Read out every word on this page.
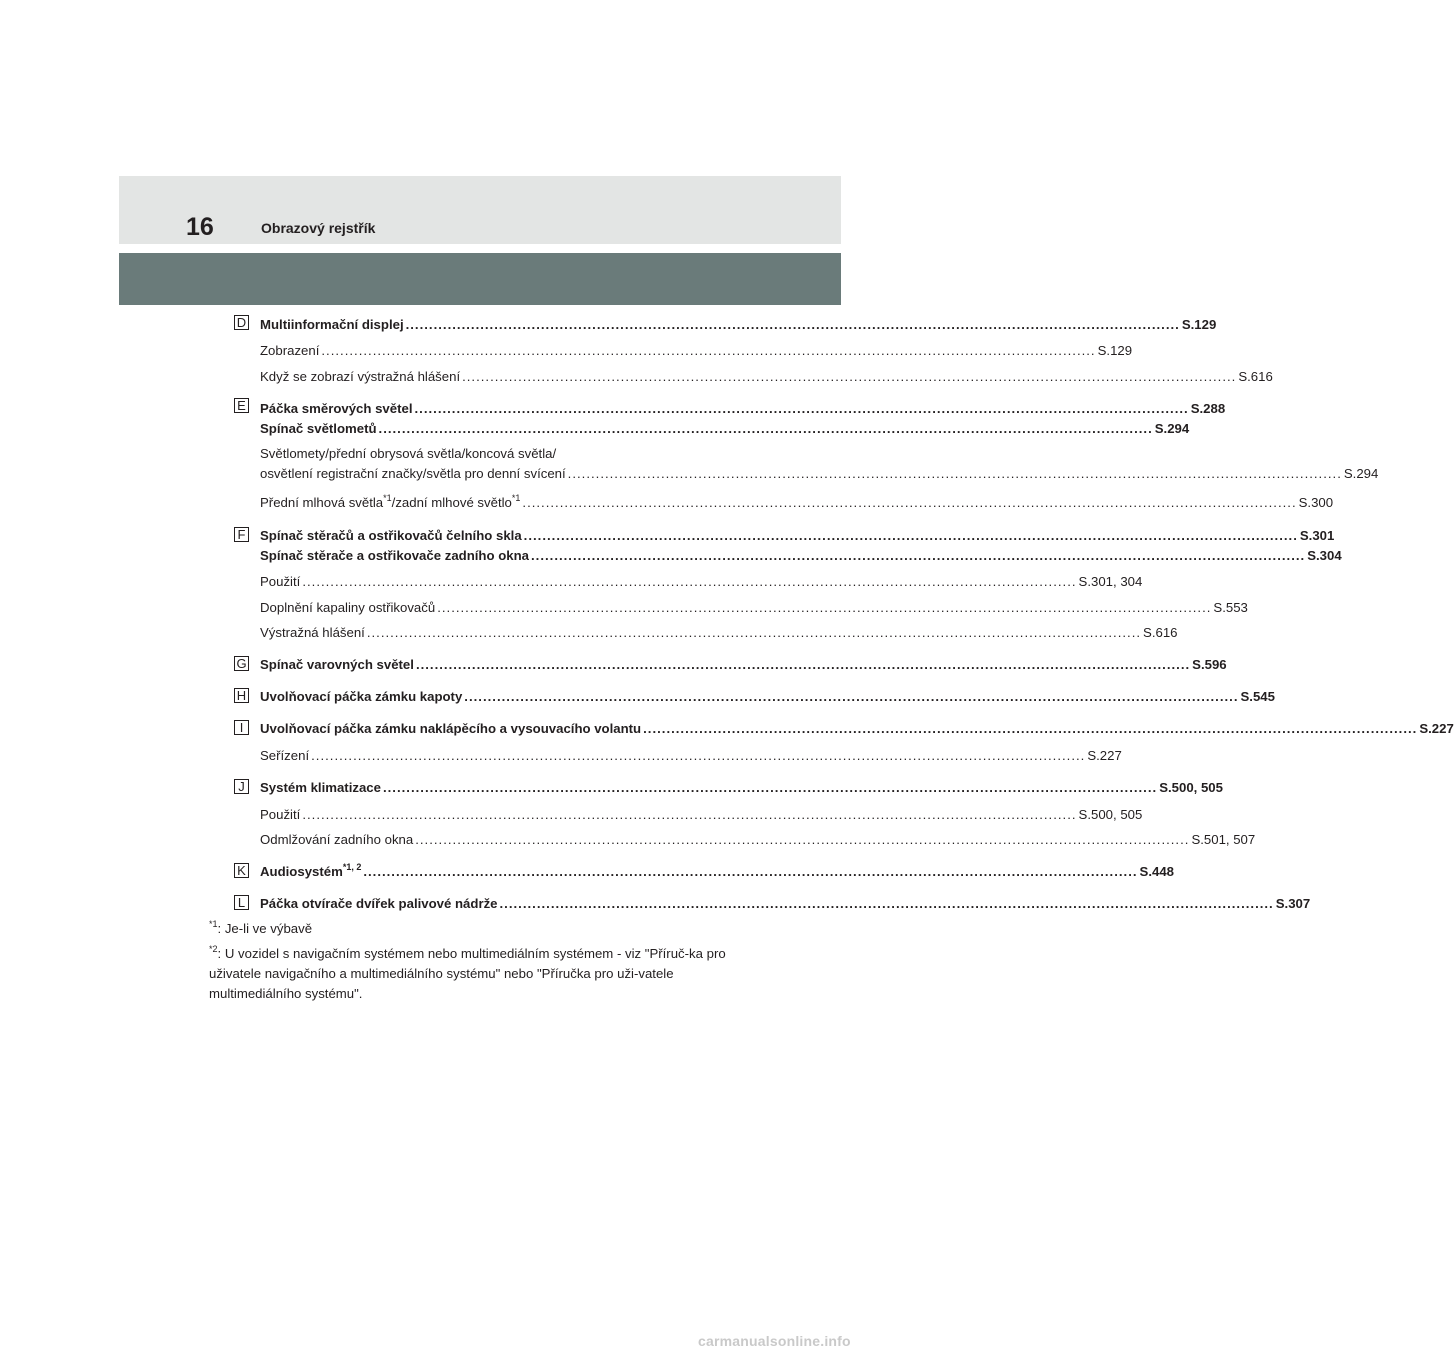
16	Obrazový rejstřík
D Multiinformační displej ...................................................................................................................................................................... S.129
Zobrazení ...................................................................................................................................................................... S.129
Když se zobrazí výstražná hlášení ...................................................................................................................................................................... S.616
E Páčka směrových světel ...................................................................................................................................................................... S.288
Spínač světlometů ...................................................................................................................................................................... S.294
Světlomety/přední obrysová světla/koncová světla/
osvětlení registrační značky/světla pro denní svícení ...................................................................................................................................................................... S.294
Přední mlhová světla$^{*1}$/zadní mlhové světlo$^{*1}$ ...................................................................................................................................................................... S.300
F Spínač stěračů a ostřikovačů čelního skla ...................................................................................................................................................................... S.301
Spínač stěrače a ostřikovače zadního okna ...................................................................................................................................................................... S.304
Použití ...................................................................................................................................................................... S.301, 304
Doplnění kapaliny ostřikovačů ...................................................................................................................................................................... S.553
Výstražná hlášení ...................................................................................................................................................................... S.616
G Spínač varovných světel ...................................................................................................................................................................... S.596
H Uvolňovací páčka zámku kapoty ...................................................................................................................................................................... S.545
I	Uvolňovací páčka zámku naklápěcího a vysouvacího volantu ...................................................................................................................................................................... S.227
Seřízení ...................................................................................................................................................................... S.227
J	Systém klimatizace ...................................................................................................................................................................... S.500, 505
Použití ...................................................................................................................................................................... S.500, 505
Odmlžování zadního okna ...................................................................................................................................................................... S.501, 507
K Audiosystém$^{*1, 2}$ ...................................................................................................................................................................... S.448
L Páčka otvírače dvířek palivové nádrže ...................................................................................................................................................................... S.307
$^{*1}$: Je-li ve výbavě
$^{*2}$: U vozidel s navigačním systémem nebo multimediálním systémem - viz "Příruč-ka pro uživatele navigačního a multimediálního systému" nebo "Příručka pro uži-vatele multimediálního systému".
carmanualsonline.info
